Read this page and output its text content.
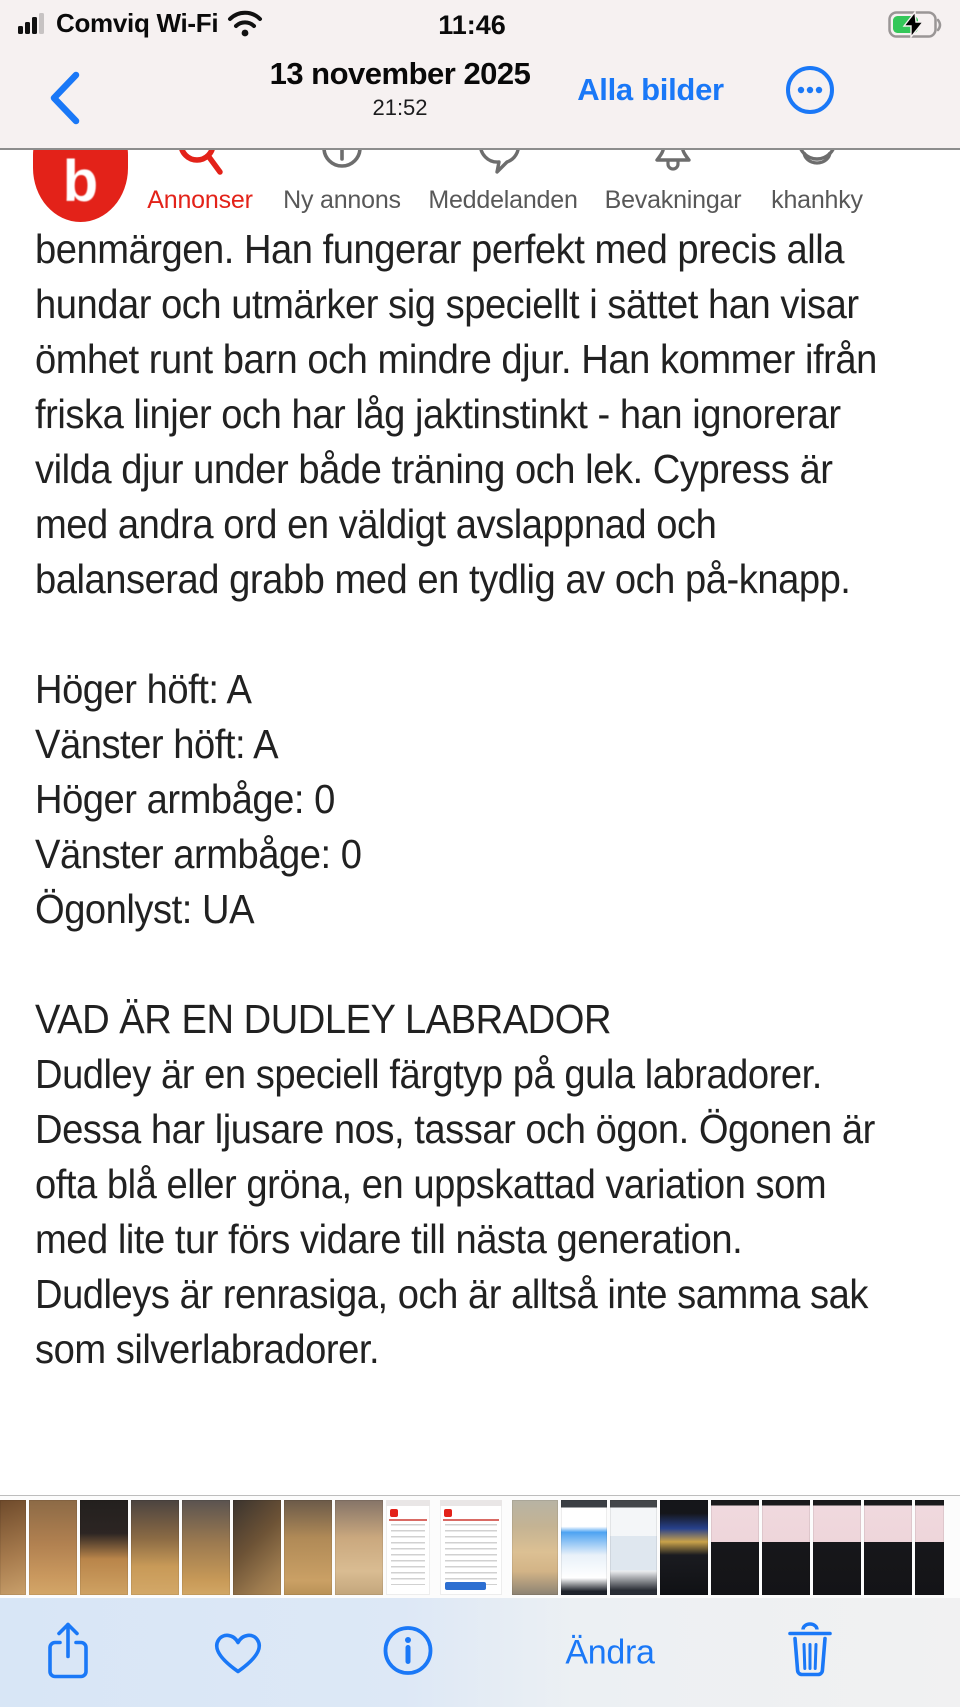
Comviq Wi-Fi	11:46
13 november 2025
21:52
Alla bilder
b	Annonser	Ny annons	Meddelanden Bevakningar	khanhky
benmärgen. Han fungerar perfekt med precis alla
hundar och utmärker sig speciellt i sättet han visar
ömhet runt barn och mindre djur. Han kommer ifrån
friska linjer och har låg jaktinstinkt - han ignorerar
vilda djur under både träning och lek. Cypress är
med andra ord en väldigt avslappnad och
balanserad grabb med en tydlig av och på-knapp.
Höger höft: A
Vänster höft: A
Höger armbåge: 0
Vänster armbåge: 0
Ögonlyst: UA
VAD ÄR EN DUDLEY LABRADOR
Dudley är en speciell färgtyp på gula labradorer.
Dessa har ljusare nos, tassar och ögon. Ögonen är
ofta blå eller gröna, en uppskattad variation som
med lite tur förs vidare till nästa generation.
Dudleys är renrasiga, och är alltså inte samma sak
som silverlabradorer.
Ändra
